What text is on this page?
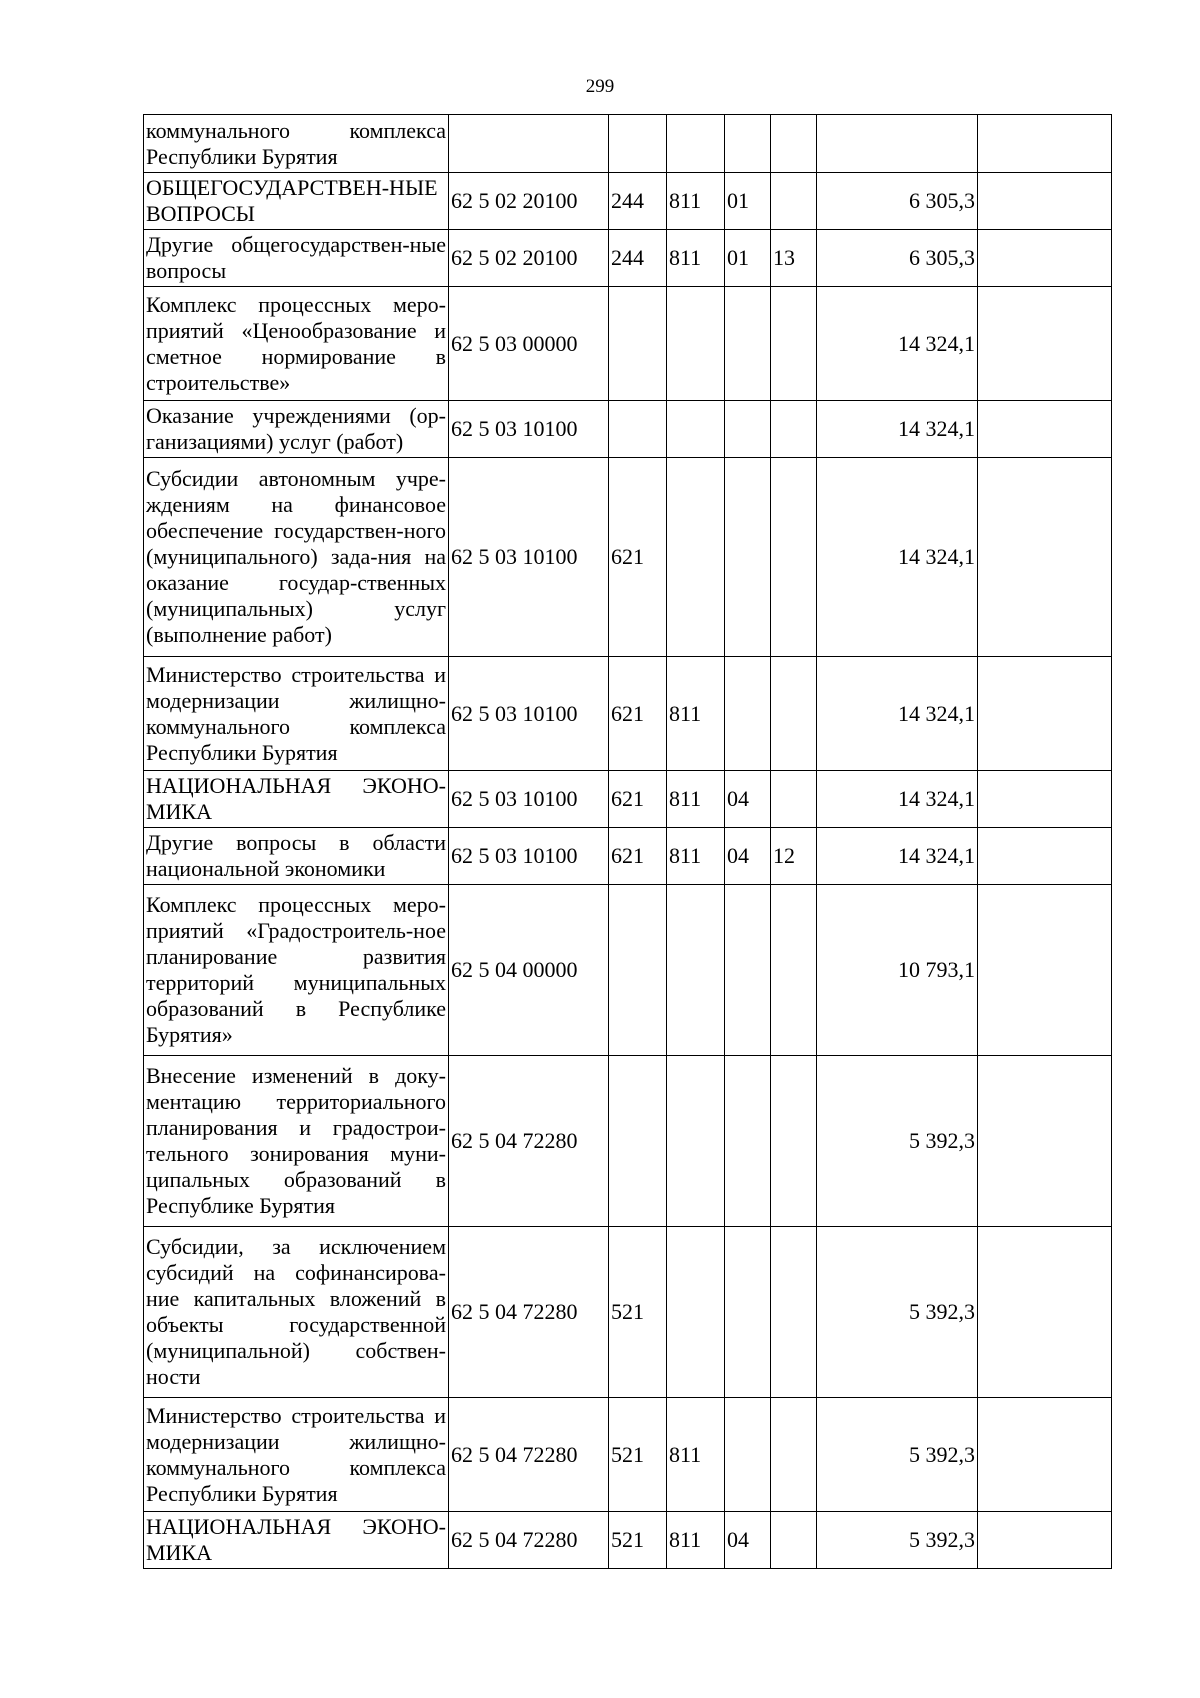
299
коммунального комплекса Республики Бурятия							
ОБЩЕГОСУДАРСТВЕН-НЫЕ ВОПРОСЫ	62 5 02 20100	244	811	01		6 305,3	
Другие общегосударствен-ные вопросы	62 5 02 20100	244	811	01	13	6 305,3	
Комплекс процессных меро-приятий «Ценообразование и сметное нормирование в строительстве»	62 5 03 00000					14 324,1	
Оказание учреждениями (ор-ганизациями) услуг (работ)	62 5 03 10100					14 324,1	
Субсидии автономным учре-ждениям на финансовое обеспечение государствен-ного (муниципального) зада-ния на оказание государ-ственных (муниципальных) услуг (выполнение работ)	62 5 03 10100	621				14 324,1	
Министерство строительства и модернизации жилищно-коммунального комплекса Республики Бурятия	62 5 03 10100	621	811			14 324,1	
НАЦИОНАЛЬНАЯ ЭКОНО-МИКА	62 5 03 10100	621	811	04		14 324,1	
Другие вопросы в области национальной экономики	62 5 03 10100	621	811	04	12	14 324,1	
Комплекс процессных меро-приятий «Градостроитель-ное планирование развития территорий муниципальных образований в Республике Бурятия»	62 5 04 00000					10 793,1	
Внесение изменений в доку-ментацию территориального планирования и градострои-тельного зонирования муни-ципальных образований в Республике Бурятия	62 5 04 72280					5 392,3	
Субсидии, за исключением субсидий на софинансирова-ние капитальных вложений в объекты государственной (муниципальной) собствен-ности	62 5 04 72280	521				5 392,3	
Министерство строительства и модернизации жилищно-коммунального комплекса Республики Бурятия	62 5 04 72280	521	811			5 392,3	
НАЦИОНАЛЬНАЯ ЭКОНО-МИКА	62 5 04 72280	521	811	04		5 392,3	
